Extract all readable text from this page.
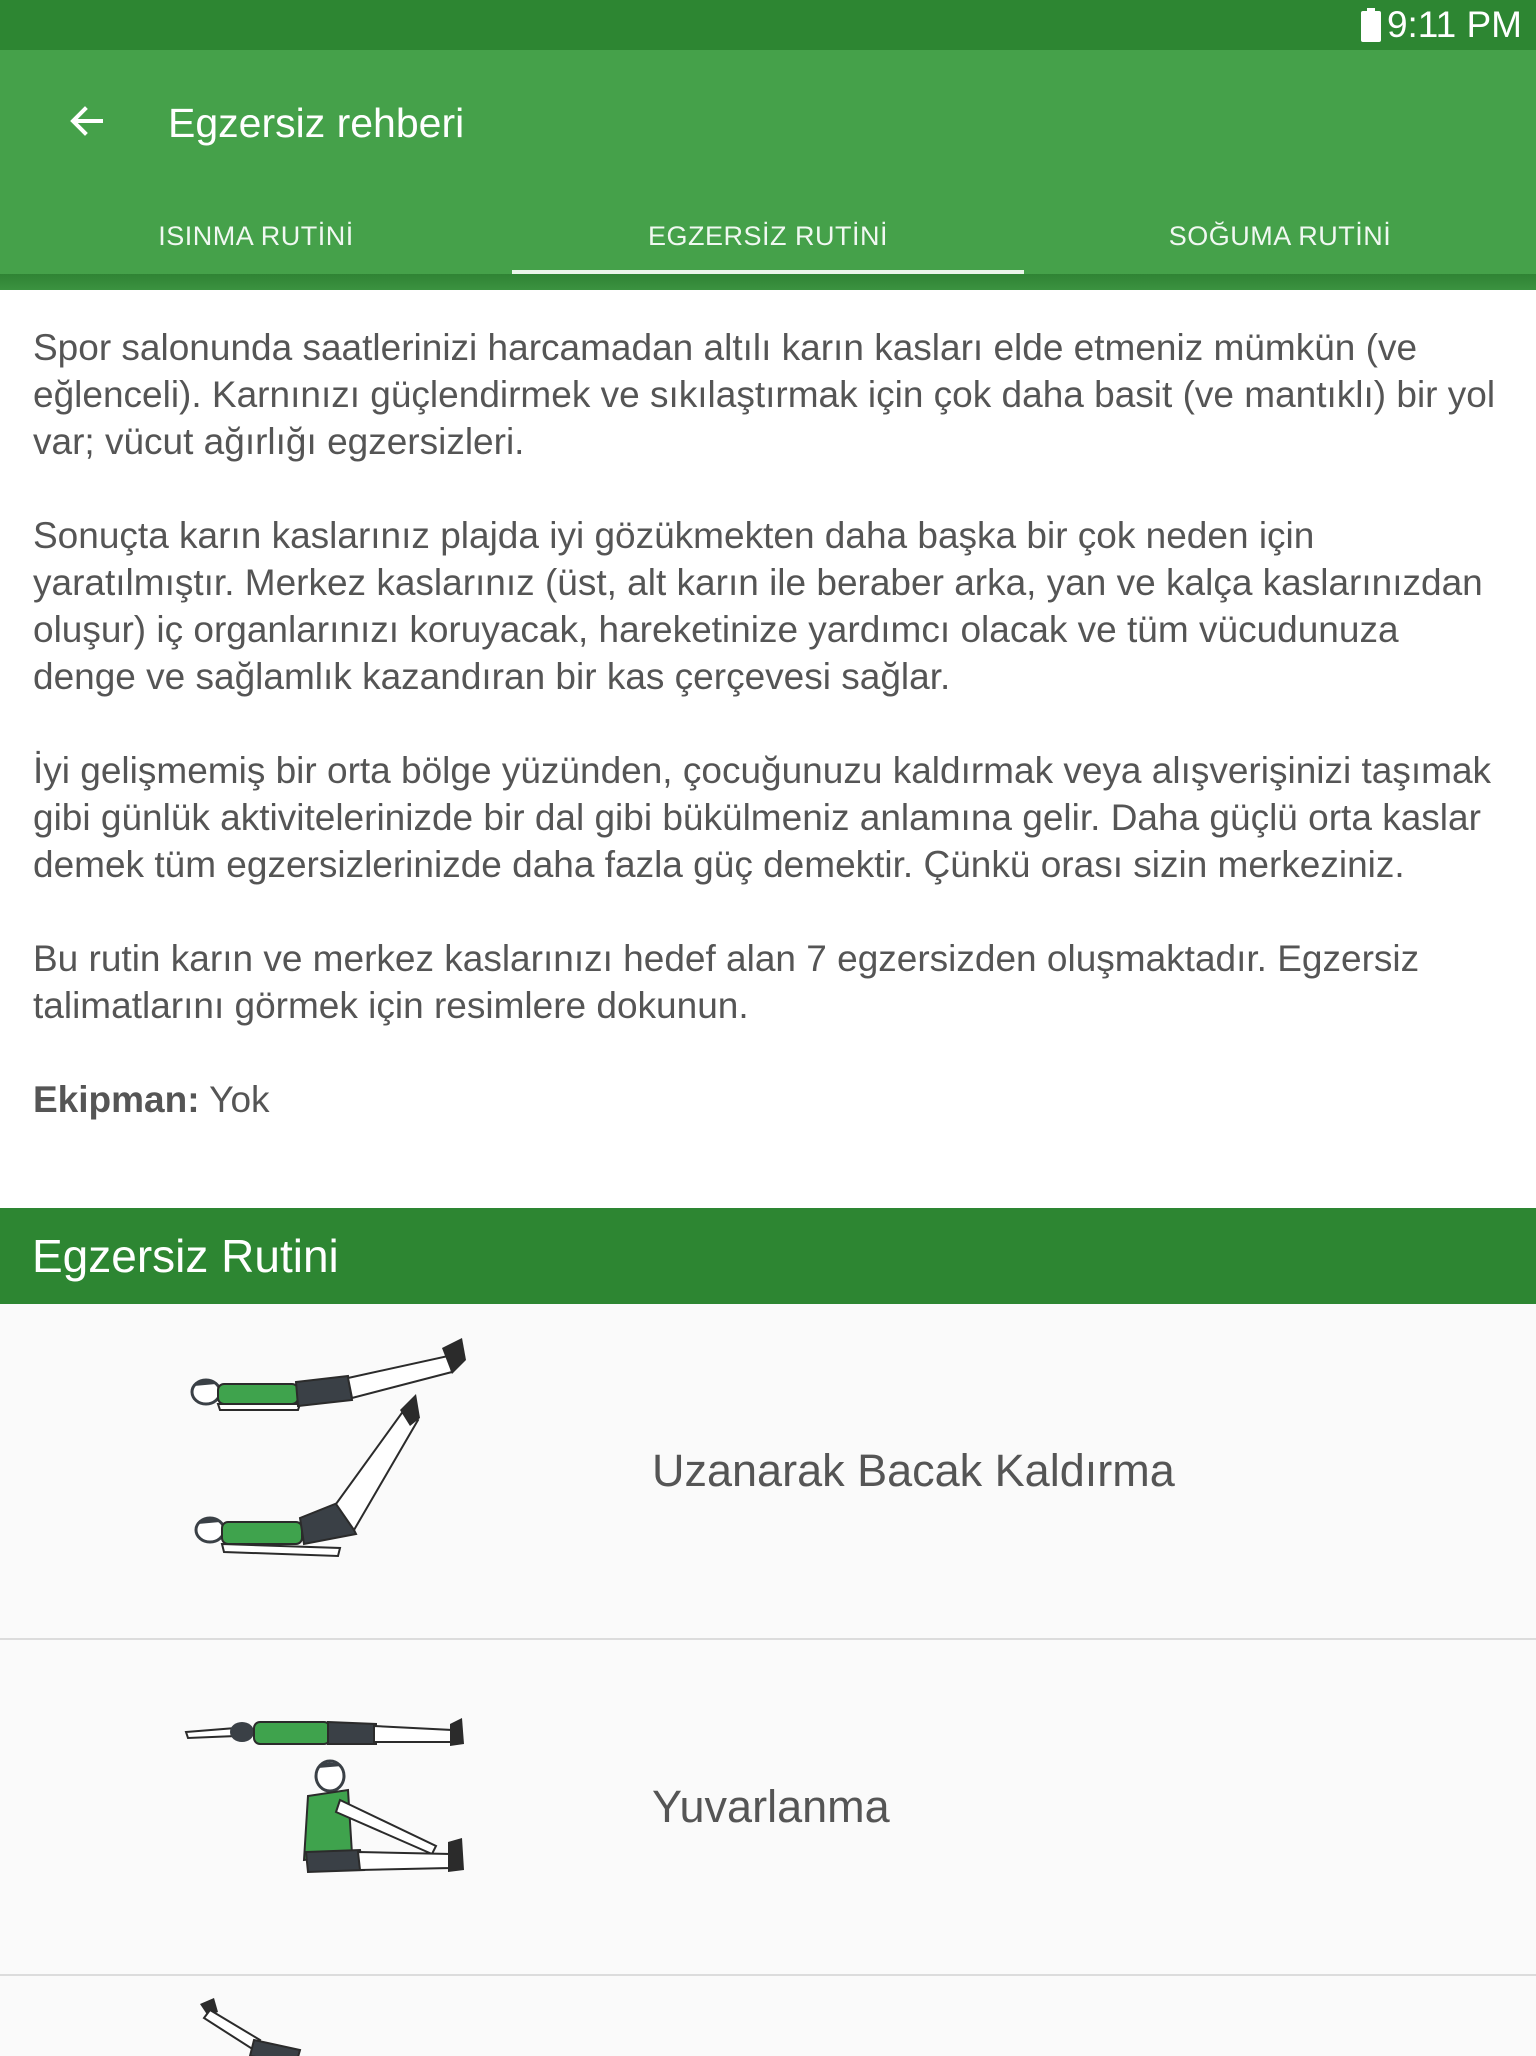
9:11 PM
Egzersiz rehberi
ISINMA RUTİNİ	EGZERSİZ RUTİNİ	SOĞUMA RUTİNİ

Spor salonunda saatlerinizi harcamadan altılı karın kasları elde etmeniz mümkün (ve eğlenceli). Karnınızı güçlendirmek ve sıkılaştırmak için çok daha basit (ve mantıklı) bir yol var; vücut ağırlığı egzersizleri.

Sonuçta karın kaslarınız plajda iyi gözükmekten daha başka bir çok neden için yaratılmıştır. Merkez kaslarınız (üst, alt karın ile beraber arka, yan ve kalça kaslarınızdan oluşur) iç organlarınızı koruyacak, hareketinize yardımcı olacak ve tüm vücudunuza denge ve sağlamlık kazandıran bir kas çerçevesi sağlar.

İyi gelişmemiş bir orta bölge yüzünden, çocuğunuzu kaldırmak veya alışverişinizi taşımak gibi günlük aktivitelerinizde bir dal gibi bükülmeniz anlamına gelir. Daha güçlü orta kaslar demek tüm egzersizlerinizde daha fazla güç demektir. Çünkü orası sizin merkeziniz.

Bu rutin karın ve merkez kaslarınızı hedef alan 7 egzersizden oluşmaktadır. Egzersiz talimatlarını görmek için resimlere dokunun.

Ekipman: Yok

Egzersiz Rutini
Uzanarak Bacak Kaldırma
Yuvarlanma
